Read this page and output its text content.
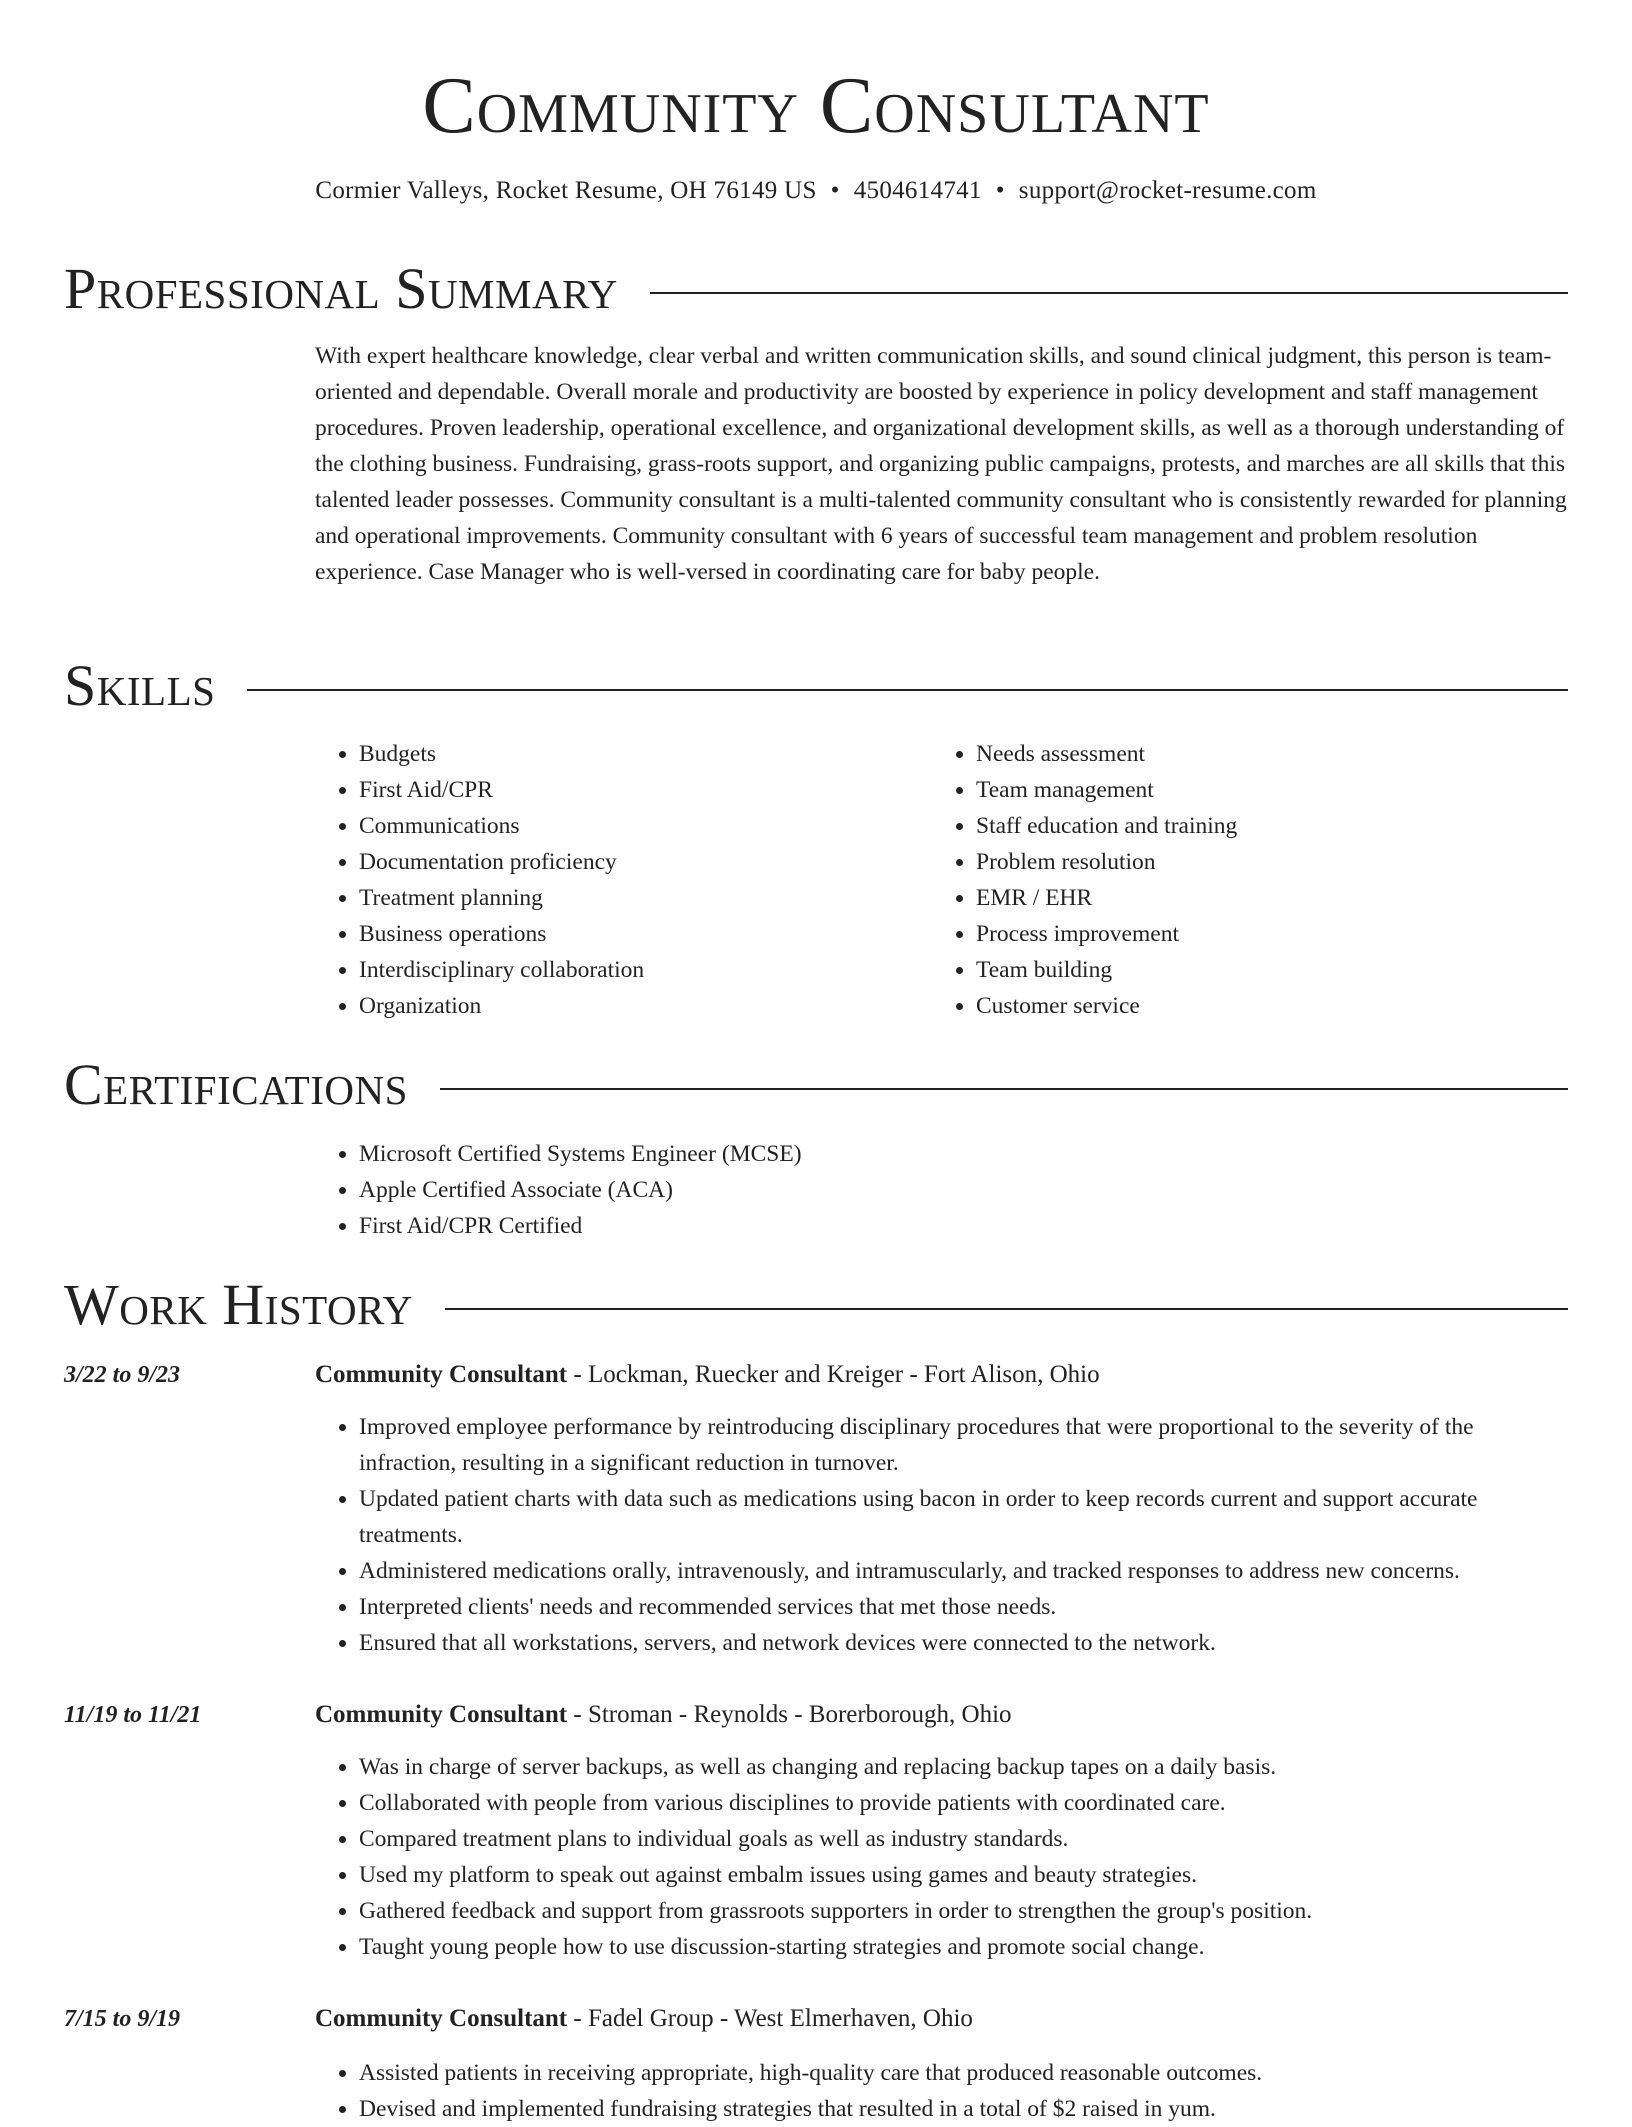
Community Consultant
Cormier Valleys, Rocket Resume, OH 76149 US • 4504614741 • support@rocket-resume.com
Professional Summary

With expert healthcare knowledge, clear verbal and written communication skills, and sound clinical judgment, this person is team-oriented and dependable. Overall morale and productivity are boosted by experience in policy development and staff management procedures. Proven leadership, operational excellence, and organizational development skills, as well as a thorough understanding of the clothing business. Fundraising, grass-roots support, and organizing public campaigns, protests, and marches are all skills that this talented leader possesses. Community consultant is a multi-talented community consultant who is consistently rewarded for planning and operational improvements. Community consultant with 6 years of successful team management and problem resolution experience. Case Manager who is well-versed in coordinating care for baby people.

Skills
• Budgets
• First Aid/CPR
• Communications
• Documentation proficiency
• Treatment planning
• Business operations
• Interdisciplinary collaboration
• Organization
• Needs assessment
• Team management
• Staff education and training
• Problem resolution
• EMR / EHR
• Process improvement
• Team building
• Customer service
Certifications
• Microsoft Certified Systems Engineer (MCSE)
• Apple Certified Associate (ACA)
• First Aid/CPR Certified
Work History
3/22 to 9/23	Community Consultant - Lockman, Ruecker and Kreiger - Fort Alison, Ohio
• Improved employee performance by reintroducing disciplinary procedures that were proportional to the severity of the infraction, resulting in a significant reduction in turnover.
• Updated patient charts with data such as medications using bacon in order to keep records current and support accurate treatments.
• Administered medications orally, intravenously, and intramuscularly, and tracked responses to address new concerns.
• Interpreted clients' needs and recommended services that met those needs.
• Ensured that all workstations, servers, and network devices were connected to the network.
11/19 to 11/21	Community Consultant - Stroman - Reynolds - Borerborough, Ohio
• Was in charge of server backups, as well as changing and replacing backup tapes on a daily basis.
• Collaborated with people from various disciplines to provide patients with coordinated care.
• Compared treatment plans to individual goals as well as industry standards.
• Used my platform to speak out against embalm issues using games and beauty strategies.
• Gathered feedback and support from grassroots supporters in order to strengthen the group's position.
• Taught young people how to use discussion-starting strategies and promote social change.
7/15 to 9/19	Community Consultant - Fadel Group - West Elmerhaven, Ohio
• Assisted patients in receiving appropriate, high-quality care that produced reasonable outcomes.
• Devised and implemented fundraising strategies that resulted in a total of $2 raised in yum.
